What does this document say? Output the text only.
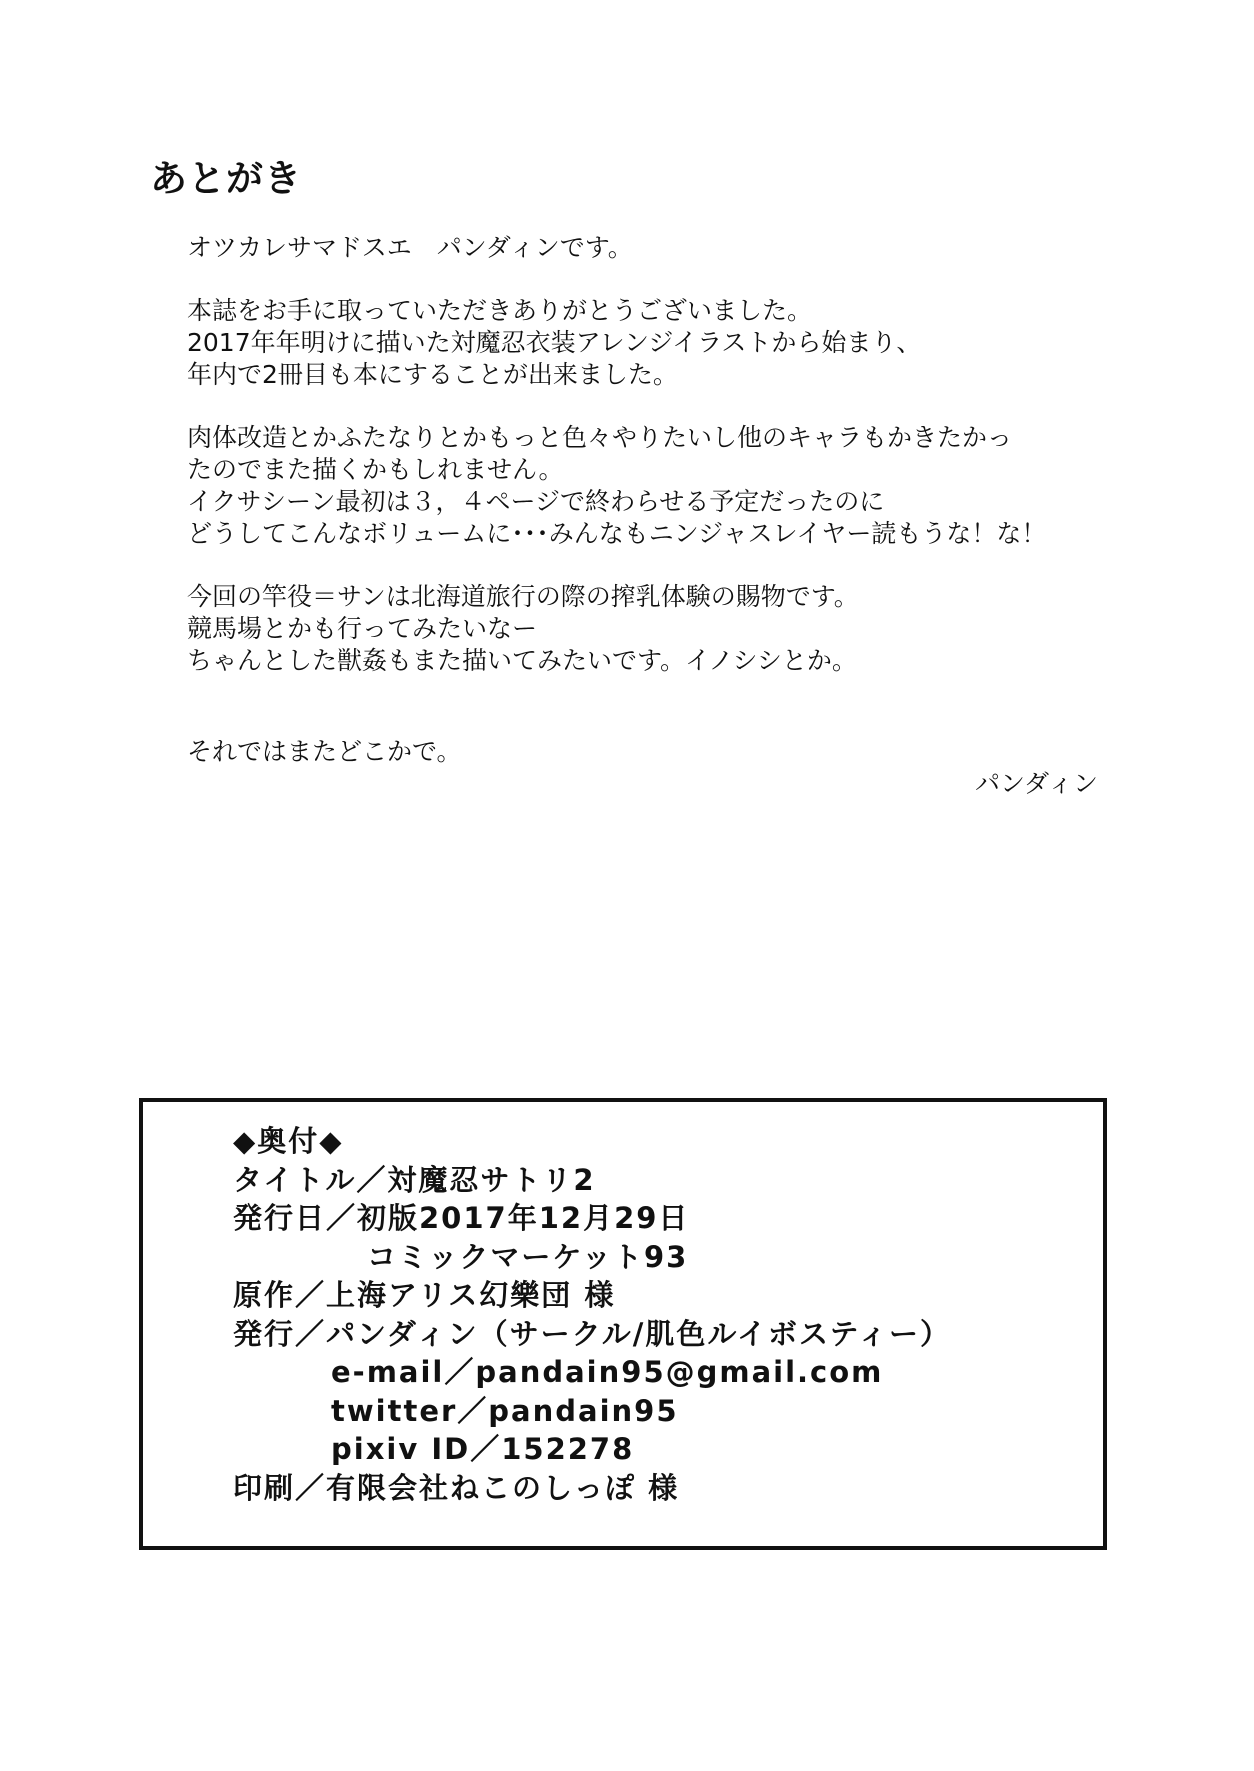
あとがき
オツカレサマドスエ　パンダィンです。
本誌をお手に取っていただきありがとうございました。
2017年年明けに描いた対魔忍衣装アレンジイラストから始まり、
年内で2冊目も本にすることが出来ました。
肉体改造とかふたなりとかもっと色々やりたいし他のキャラもかきたかっ
たのでまた描くかもしれません。
イクサシーン最初は３，４ページで終わらせる予定だったのに
どうしてこんなボリュームに･･･みんなもニンジャスレイヤー読もうな！な！
今回の竿役＝サンは北海道旅行の際の搾乳体験の賜物です。
競馬場とかも行ってみたいなー
ちゃんとした獣姦もまた描いてみたいです。イノシシとか。
それではまたどこかで。
パンダィン
◆奥付◆
タイトル／対魔忍サトリ2
発行日／初版2017年12月29日
コミックマーケット93
原作／上海アリス幻樂団 様
発行／パンダィン（サークル/肌色ルイボスティー）
e-mail／pandain95@gmail.com
twitter／pandain95
pixiv ID／152278
印刷／有限会社ねこのしっぽ 様
